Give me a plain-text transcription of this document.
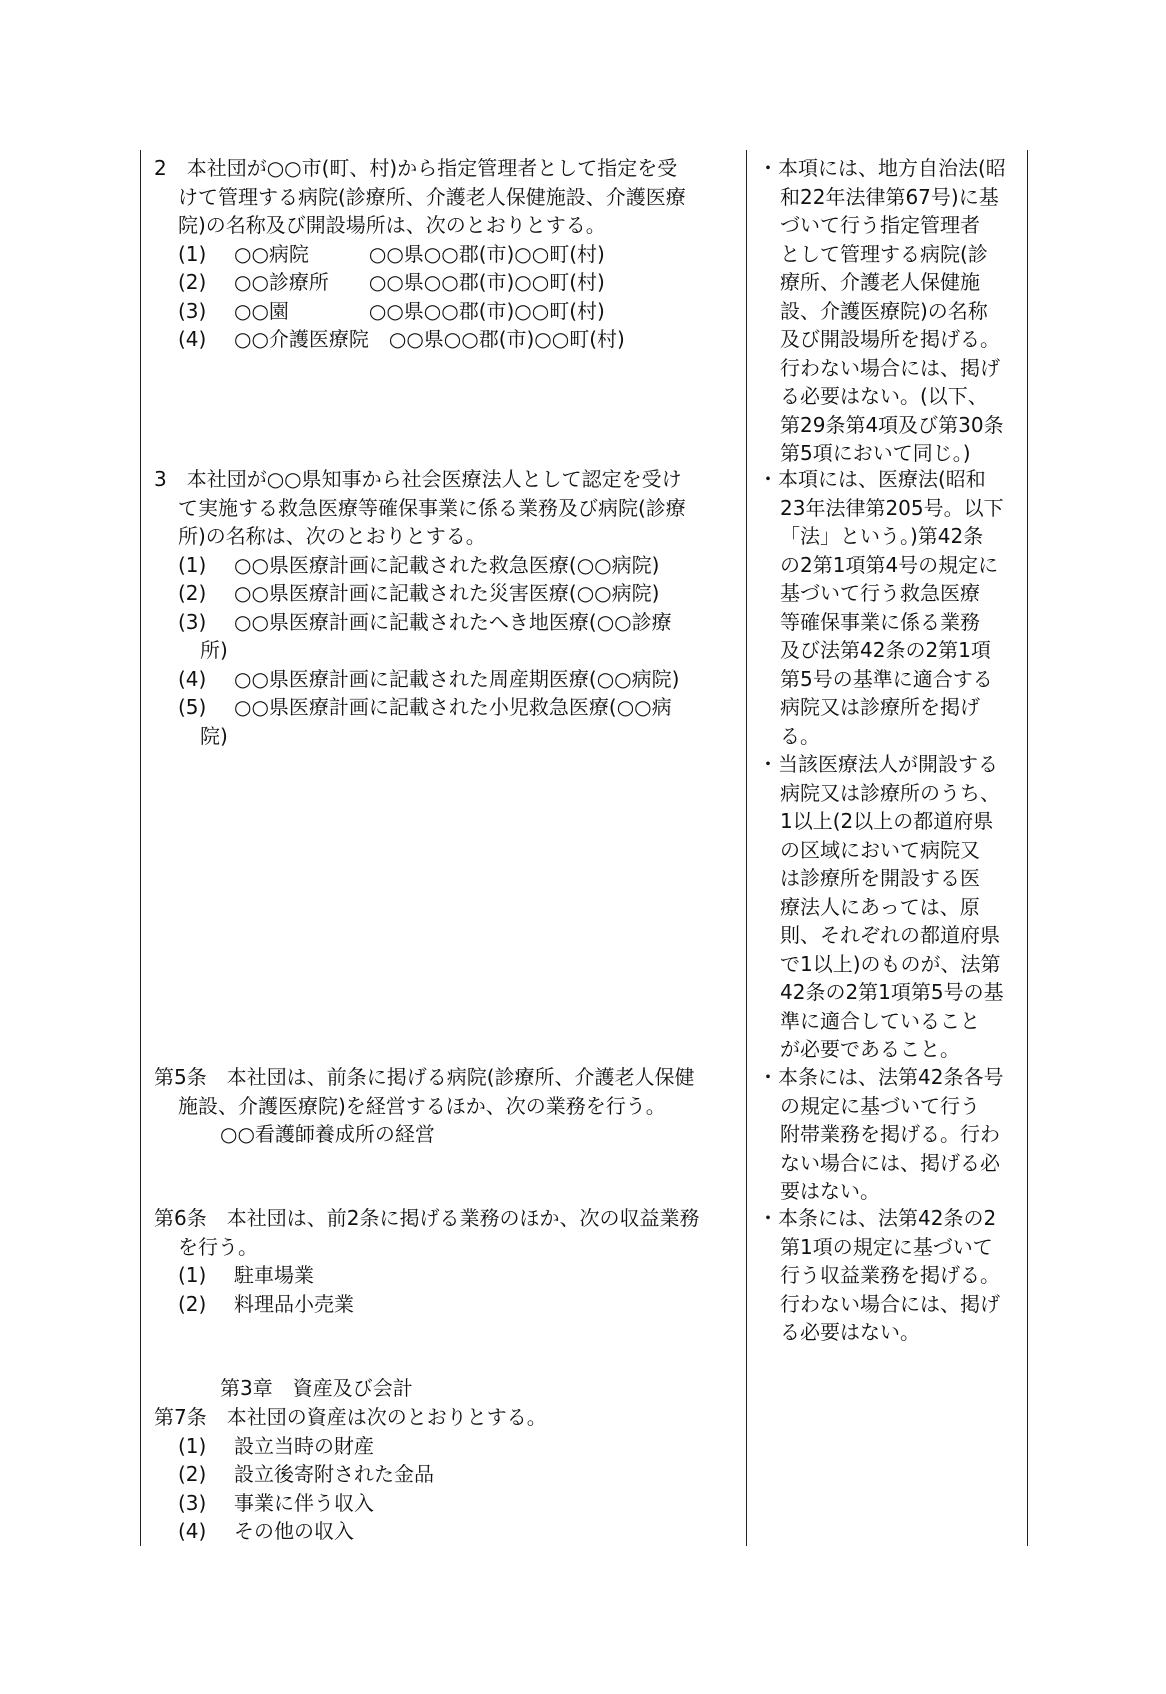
2　本社団が○○市(町、村)から指定管理者として指定を受
けて管理する病院(診療所、介護老人保健施設、介護医療
院)の名称及び開設場所は、次のとおりとする。
(1) ○○病院　　　○○県○○郡(市)○○町(村)
(2) ○○診療所　　○○県○○郡(市)○○町(村)
(3) ○○園　　　　○○県○○郡(市)○○町(村)
(4) ○○介護医療院　○○県○○郡(市)○○町(村)
3　本社団が○○県知事から社会医療法人として認定を受け
て実施する救急医療等確保事業に係る業務及び病院(診療
所)の名称は、次のとおりとする。
(1) ○○県医療計画に記載された救急医療(○○病院)
(2) ○○県医療計画に記載された災害医療(○○病院)
(3) ○○県医療計画に記載されたへき地医療(○○診療
所)
(4) ○○県医療計画に記載された周産期医療(○○病院)
(5) ○○県医療計画に記載された小児救急医療(○○病
院)
第5条　本社団は、前条に掲げる病院(診療所、介護老人保健
施設、介護医療院)を経営するほか、次の業務を行う。
○○看護師養成所の経営
第6条　本社団は、前2条に掲げる業務のほか、次の収益業務
を行う。
(1) 駐車場業
(2) 料理品小売業
第3章　資産及び会計
第7条　本社団の資産は次のとおりとする。
(1) 設立当時の財産
(2) 設立後寄附された金品
(3) 事業に伴う収入
(4) その他の収入
・本項には、地方自治法(昭
和22年法律第67号)に基
づいて行う指定管理者
として管理する病院(診
療所、介護老人保健施
設、介護医療院)の名称
及び開設場所を掲げる。
行わない場合には、掲げ
る必要はない。(以下、
第29条第4項及び第30条
第5項において同じ。)
・本項には、医療法(昭和
23年法律第205号。以下
「法」という。)第42条
の2第1項第4号の規定に
基づいて行う救急医療
等確保事業に係る業務
及び法第42条の2第1項
第5号の基準に適合する
病院又は診療所を掲げ
る。
・当該医療法人が開設する
病院又は診療所のうち、
1以上(2以上の都道府県
の区域において病院又
は診療所を開設する医
療法人にあっては、原
則、それぞれの都道府県
で1以上)のものが、法第
42条の2第1項第5号の基
準に適合していること
が必要であること。
・本条には、法第42条各号
の規定に基づいて行う
附帯業務を掲げる。行わ
ない場合には、掲げる必
要はない。
・本条には、法第42条の2
第1項の規定に基づいて
行う収益業務を掲げる。
行わない場合には、掲げ
る必要はない。
